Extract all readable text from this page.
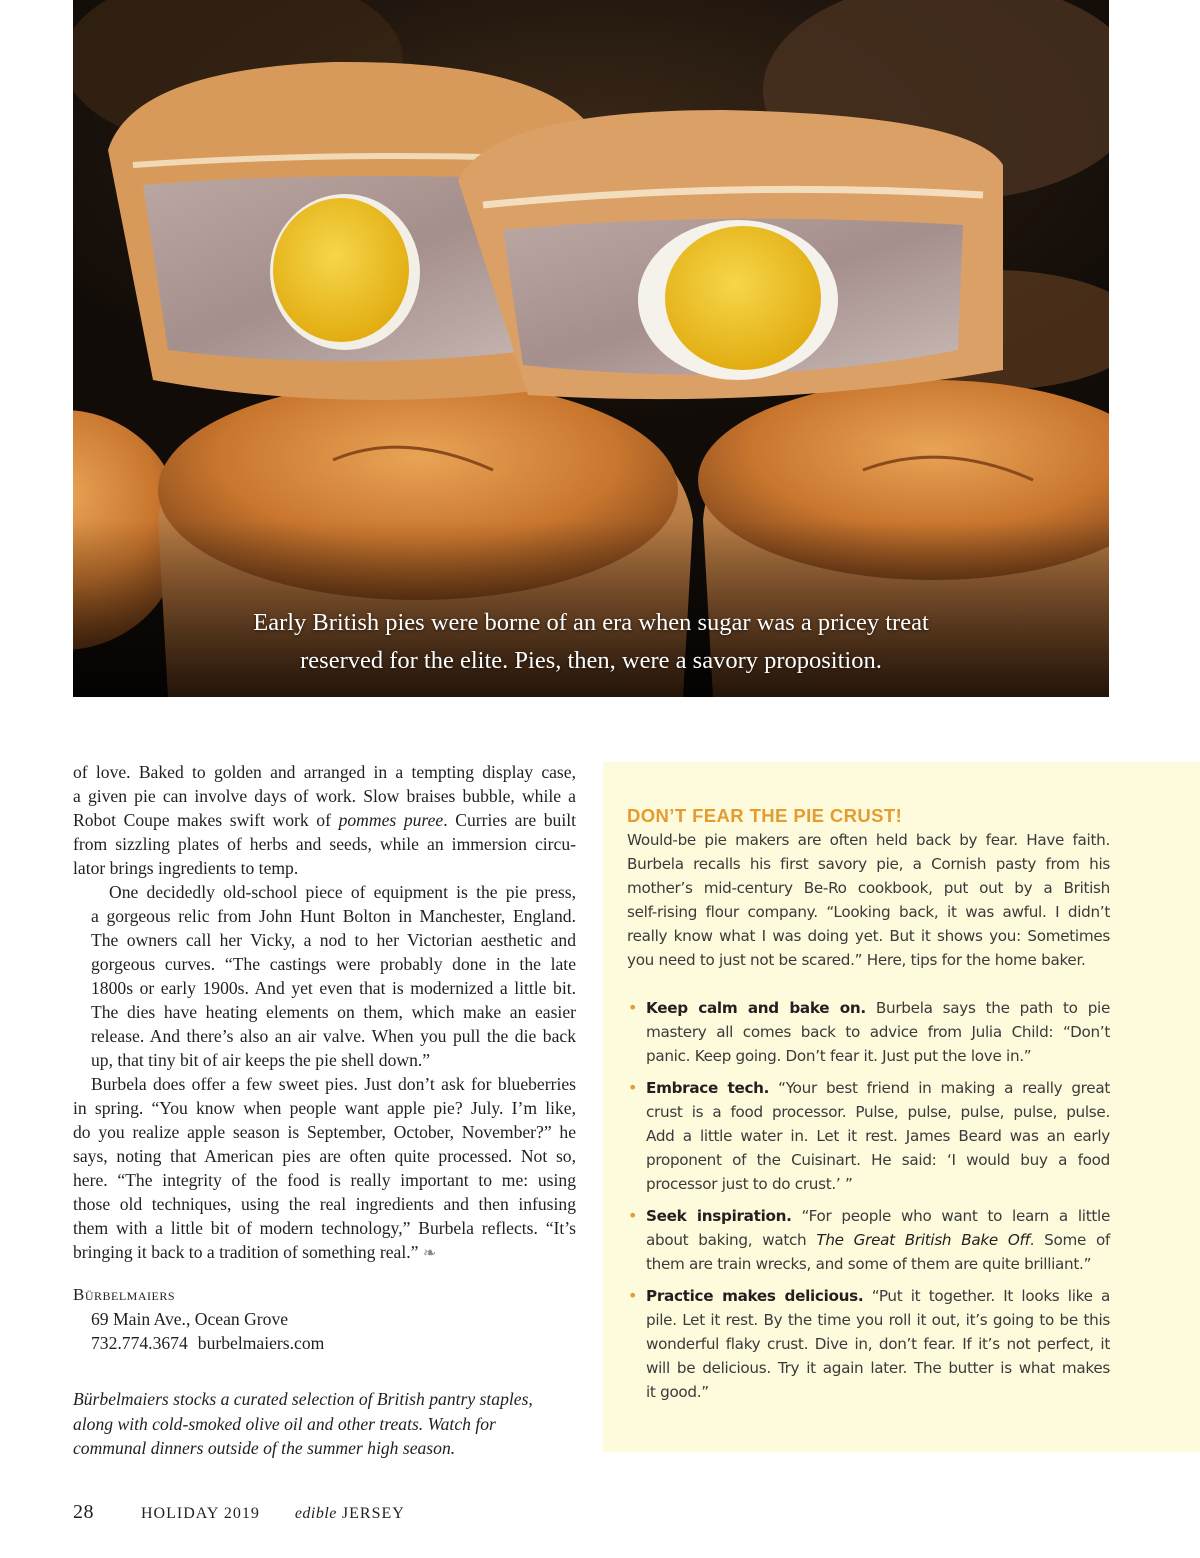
Early British pies were borne of an era when sugar was a pricey treat
reserved for the elite. Pies, then, were a savory proposition.

of love. Baked to golden and arranged in a tempting display case,
a given pie can involve days of work. Slow braises bubble, while a
Robot Coupe makes swift work of pommes puree. Curries are built
from sizzling plates of herbs and seeds, while an immersion circu-
lator brings ingredients to temp.

One decidedly old-school piece of equipment is the pie press,
a gorgeous relic from John Hunt Bolton in Manchester, England.
The owners call her Vicky, a nod to her Victorian aesthetic and
gorgeous curves. “The castings were probably done in the late
1800s or early 1900s. And yet even that is modernized a little bit.
The dies have heating elements on them, which make an easier
release. And there’s also an air valve. When you pull the die back
up, that tiny bit of air keeps the pie shell down.”

Burbela does offer a few sweet pies. Just don’t ask for blueberries
in spring. “You know when people want apple pie? July. I’m like,
do you realize apple season is September, October, November?” he
says, noting that American pies are often quite processed. Not so,
here. “The integrity of the food is really important to me: using
those old techniques, using the real ingredients and then infusing
them with a little bit of modern technology,” Burbela reflects. “It’s
bringing it back to a tradition of something real.” ❧

Bürbelmaiers
69 Main Ave., Ocean Grove
732.774.3674 burbelmaiers.com
Bürbelmaiers stocks a curated selection of British pantry staples,
along with cold-smoked olive oil and other treats. Watch for
communal dinners outside of the summer high season.
DON’T FEAR THE PIE CRUST!

Would-be pie makers are often held back by fear. Have faith.
Burbela recalls his first savory pie, a Cornish pasty from his
mother’s mid-century Be-Ro cookbook, put out by a British
self-rising flour company. “Looking back, it was awful. I didn’t
really know what I was doing yet. But it shows you: Sometimes
you need to just not be scared.” Here, tips for the home baker.

• Keep calm and bake on. Burbela says the path to pie
mastery all comes back to advice from Julia Child: “Don’t
panic. Keep going. Don’t fear it. Just put the love in.”
• Embrace tech. “Your best friend in making a really great
crust is a food processor. Pulse, pulse, pulse, pulse, pulse.
Add a little water in. Let it rest. James Beard was an early
proponent of the Cuisinart. He said: ‘I would buy a food
processor just to do crust.’ ”
• Seek inspiration. “For people who want to learn a little
about baking, watch The Great British Bake Off. Some of
them are train wrecks, and some of them are quite brilliant.”
• Practice makes delicious. “Put it together. It looks like a
pile. Let it rest. By the time you roll it out, it’s going to be this
wonderful flaky crust. Dive in, don’t fear. If it’s not perfect, it
will be delicious. Try it again later. The butter is what makes
it good.”
28	HOLIDAY 2019 edible JERSEY
